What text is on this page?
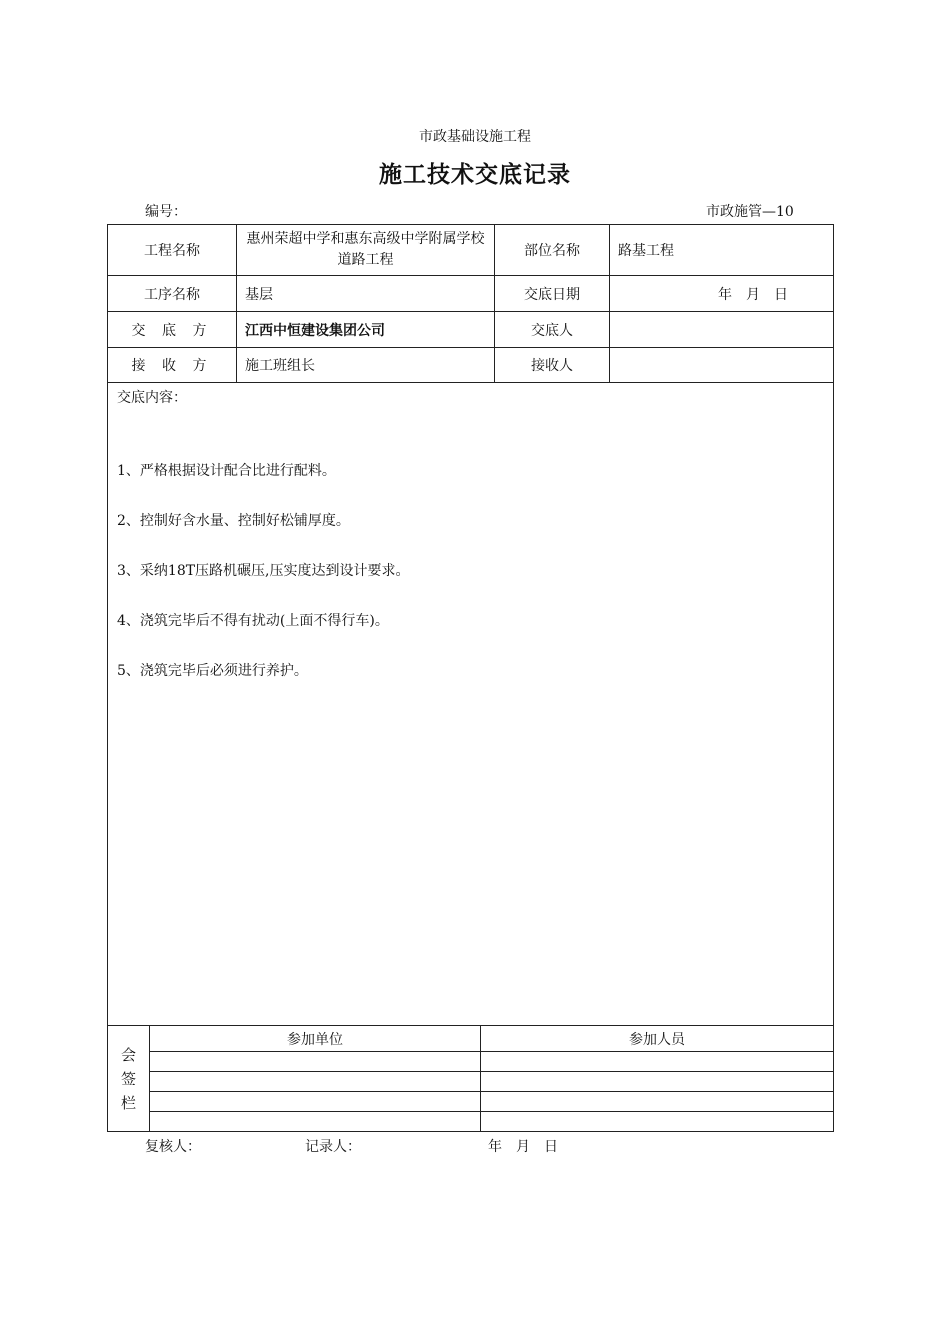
市政基础设施工程
施工技术交底记录
编号：	市政施管—10
工程名称	惠州荣超中学和惠东高级中学附属学校道路工程	部位名称	路基工程
工序名称	基层	交底日期	年　月　日
交 底 方	江西中恒建设集团公司	交底人	
接 收 方	施工班组长	接收人	
交底内容：
1、严格根据设计配合比进行配料。
2、控制好含水量、控制好松铺厚度。
3、采纳18T压路机碾压,压实度达到设计要求。
4、浇筑完毕后不得有扰动(上面不得行车)。
5、浇筑完毕后必须进行养护。
会
签
栏	参加单位	参加人员

复核人：	记录人：	年　月　日
